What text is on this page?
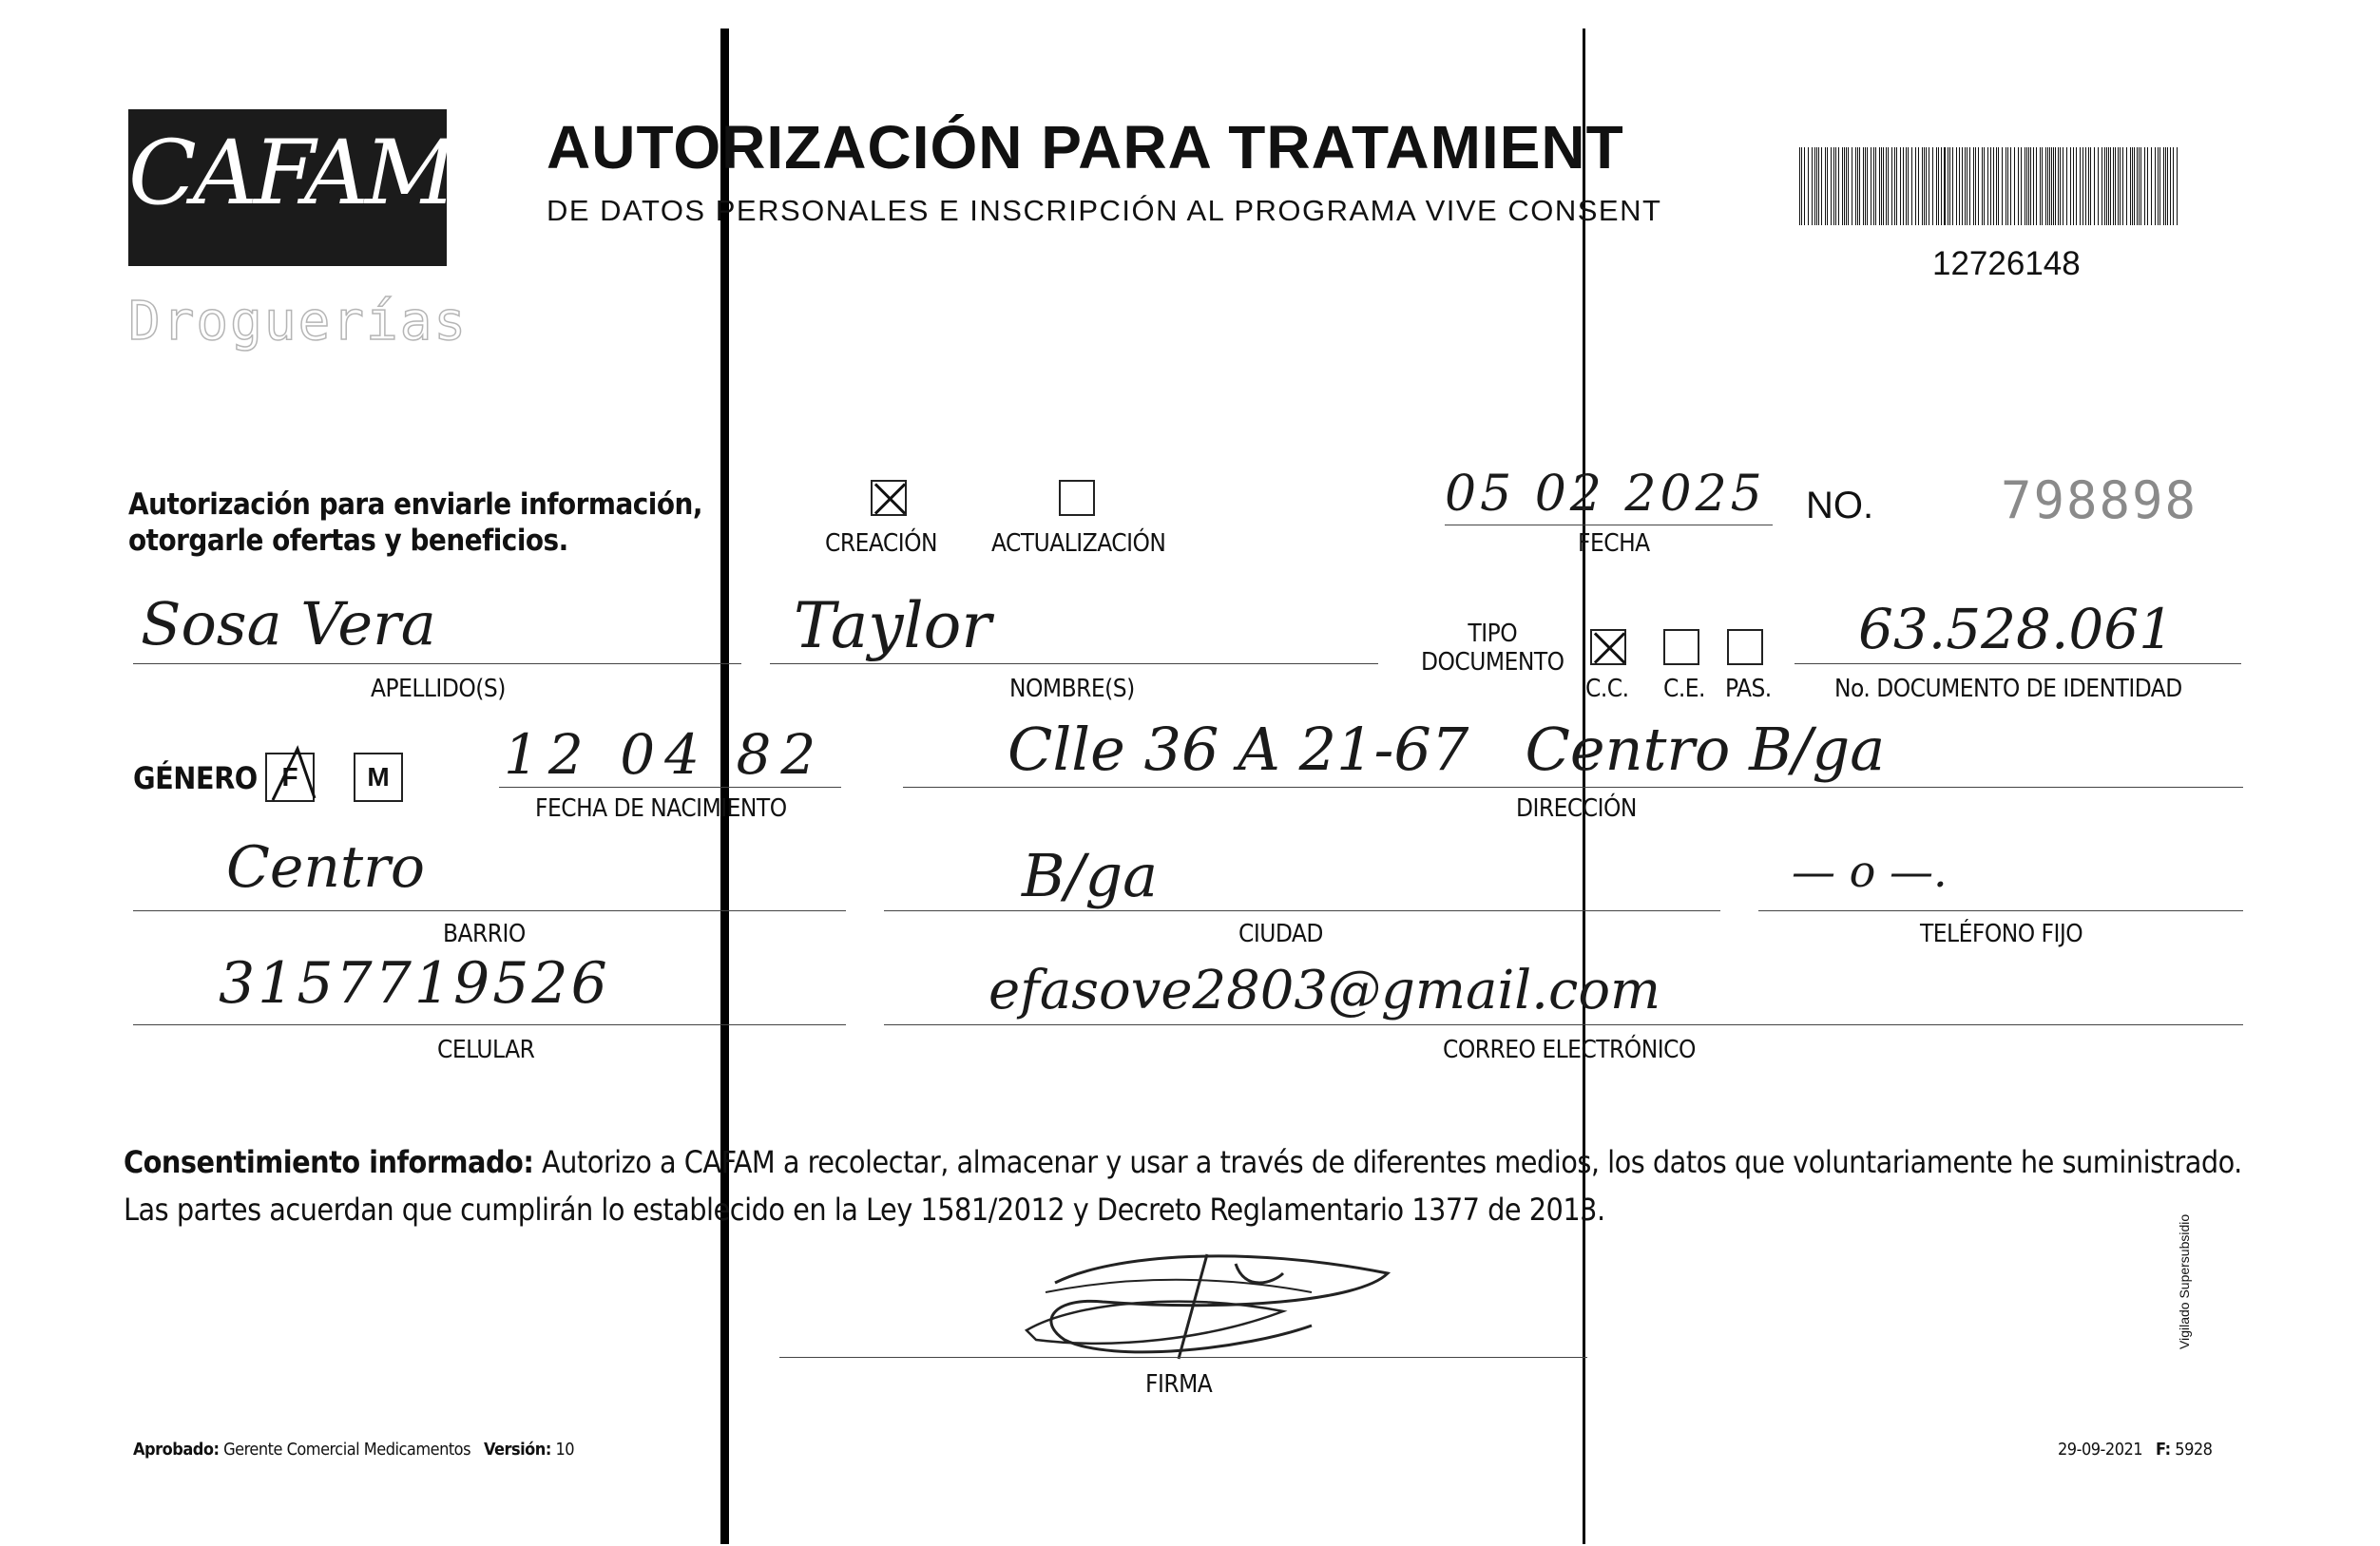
CAFAM
Droguerías
AUTORIZACIÓN PARA TRATAMIENT
DE DATOS PERSONALES E INSCRIPCIÓN AL PROGRAMA VIVE CONSENT
12726148
Autorización para enviarle información,
otorgarle ofertas y beneficios.	CREACIÓN ACTUALIZACIÓN
05 02 2025
FECHA
NO. 798898
Sosa Vera
APELLIDO(S)
Taylor
NOMBRE(S)
TIPO
DOCUMENTO
C.C. C.E. PAS.
63.528.061
No. DOCUMENTO DE IDENTIDAD
GÉNERO F	M 12 04 82
FECHA DE NACIMIENTO
Clle 36 A 21-67   Centro B/ga
DIRECCIÓN
Centro
BARRIO
B/ga
CIUDAD
— o —.
TELÉFONO FIJO
3157719526
CELULAR
efasove2803@gmail.com
CORREO ELECTRÓNICO
Consentimiento informado: Autorizo a CAFAM a recolectar, almacenar y usar a través de diferentes medios, los datos que voluntariamente he suministrado.
Las partes acuerdan que cumplirán lo establecido en la Ley 1581/2012 y Decreto Reglamentario 1377 de 2013.
FIRMA
Aprobado: Gerente Comercial Medicamentos Versión: 10	29-09-2021 F: 5928
Vigilado Supersubsidio
